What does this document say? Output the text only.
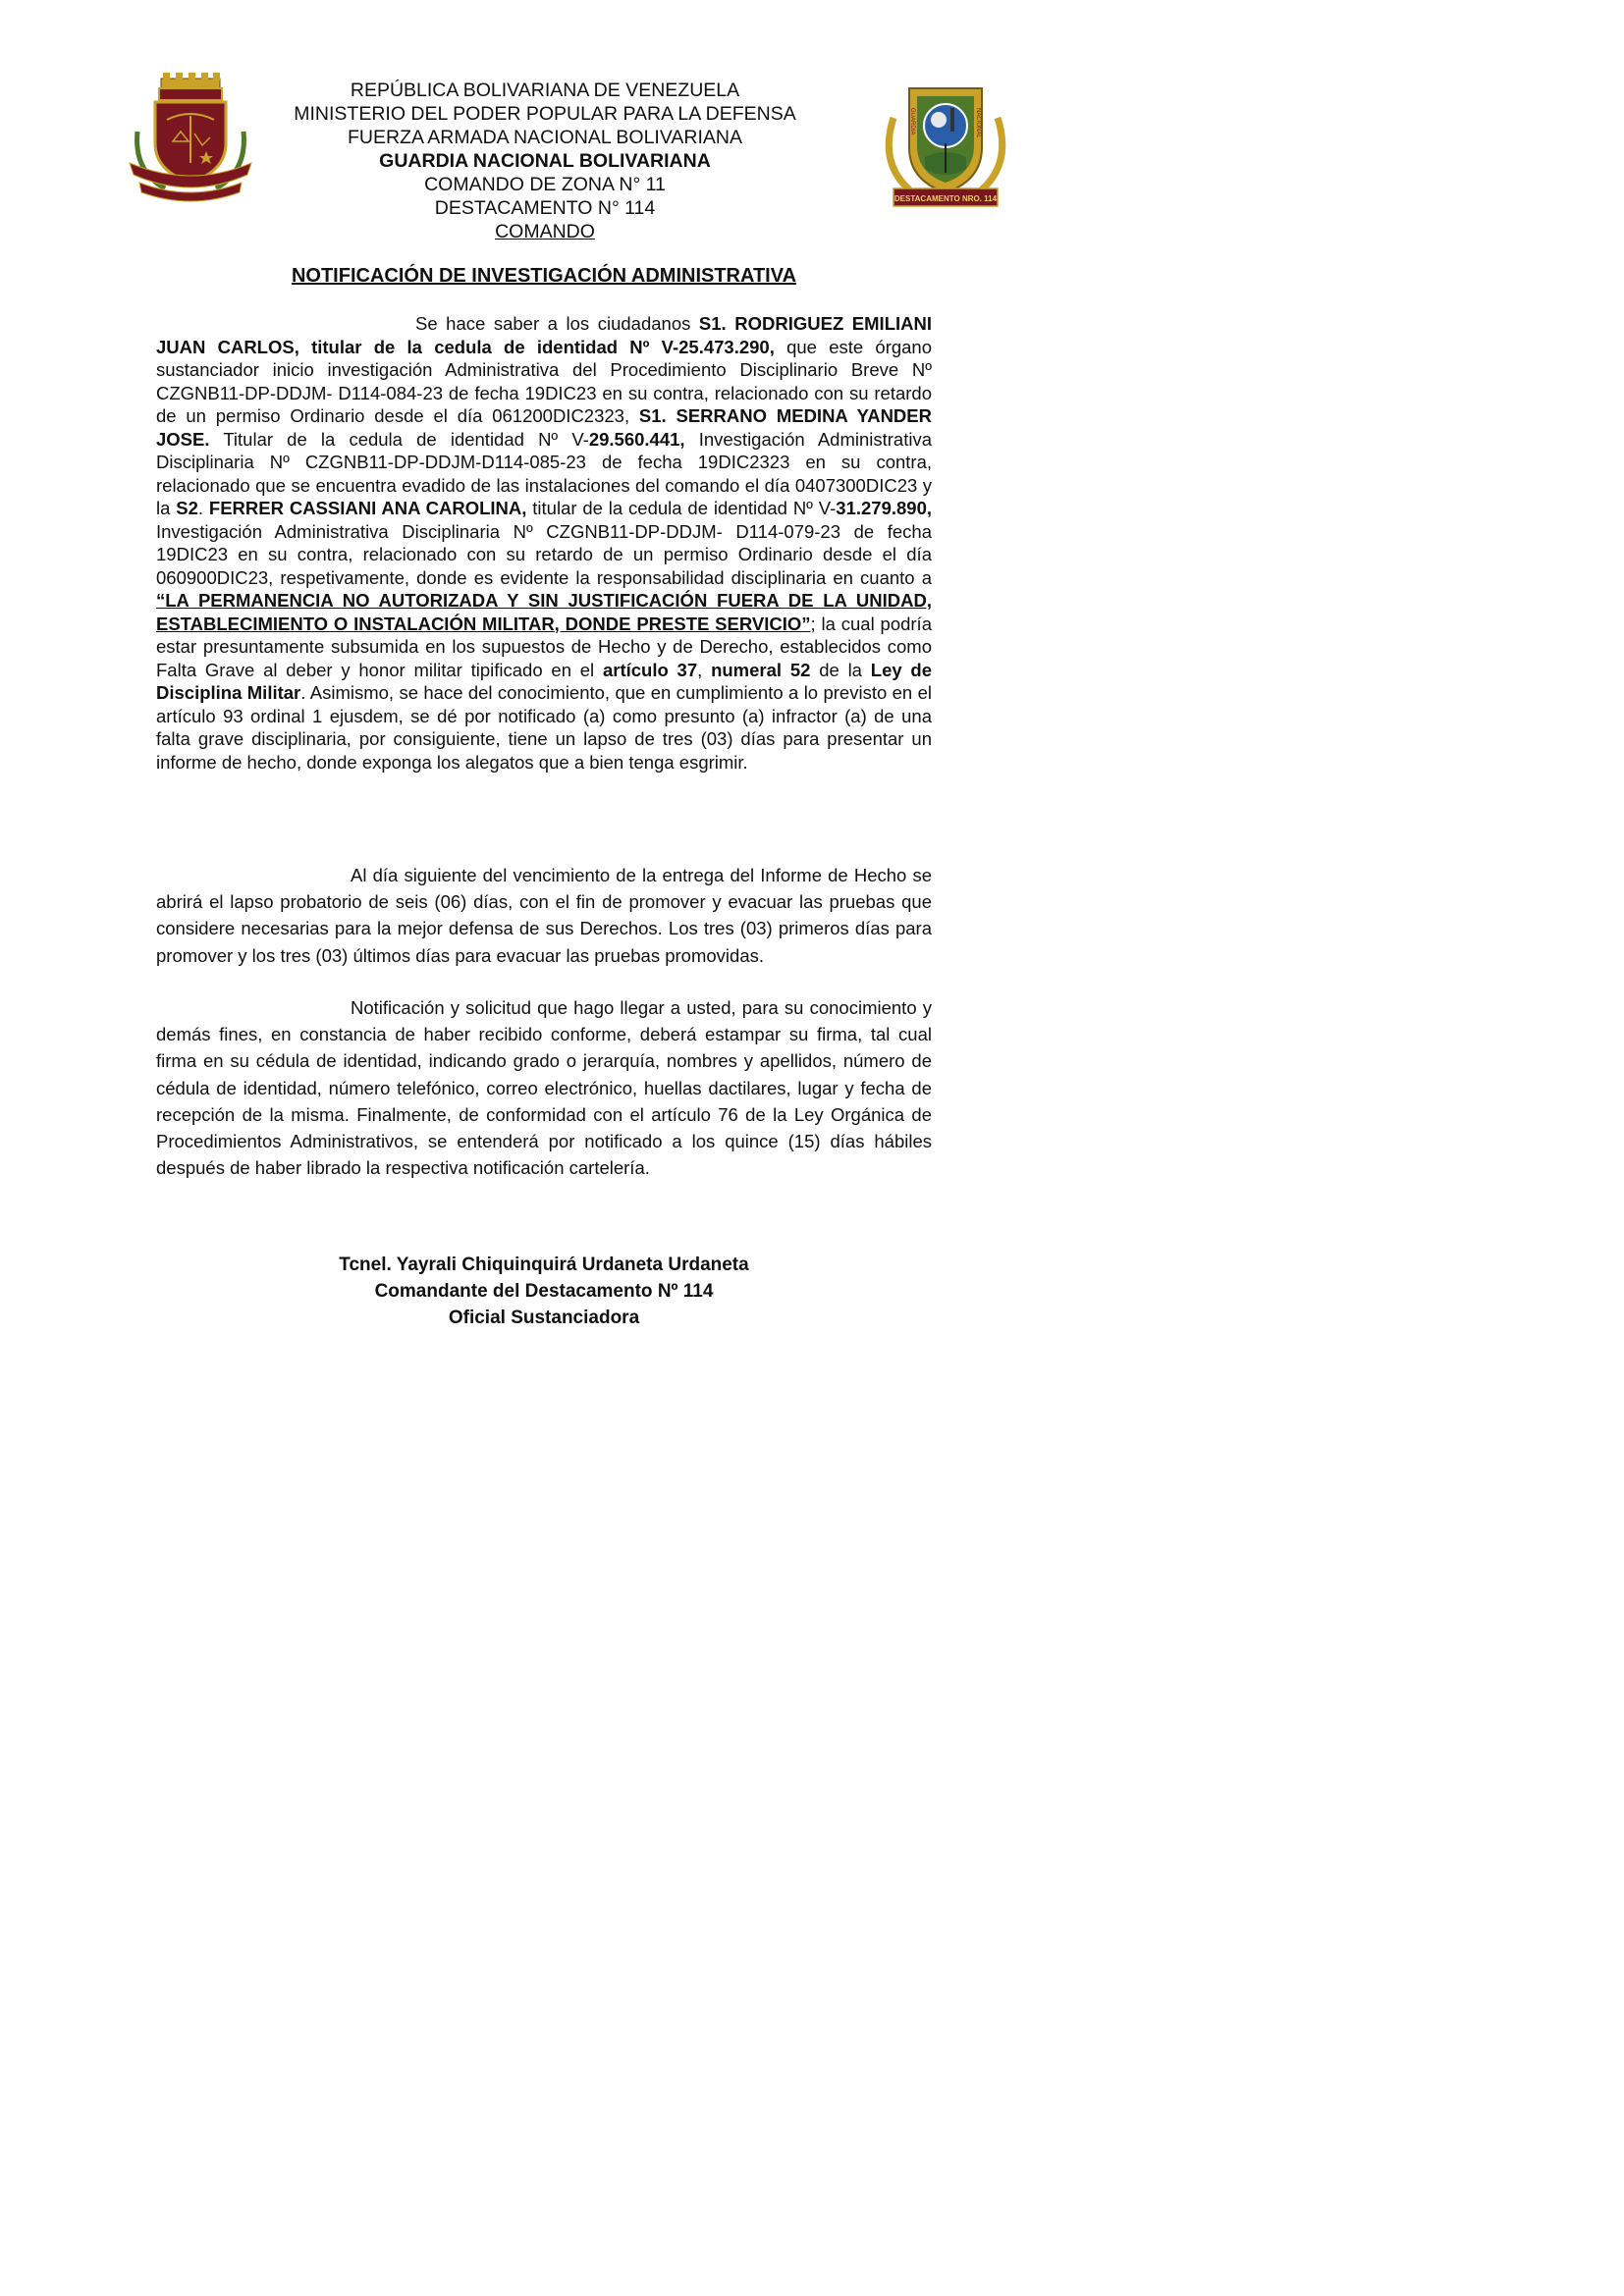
REPÚBLICA BOLIVARIANA DE VENEZUELA
MINISTERIO DEL PODER POPULAR PARA LA DEFENSA
FUERZA ARMADA NACIONAL BOLIVARIANA
GUARDIA NACIONAL BOLIVARIANA
COMANDO DE ZONA N° 11
DESTACAMENTO N° 114
COMANDO
GUARDIA	NACIONAL
DESTACAMENTO NRO. 114
NOTIFICACIÓN DE INVESTIGACIÓN ADMINISTRATIVA
Se hace saber a los ciudadanos S1. RODRIGUEZ EMILIANI JUAN CARLOS, titular de la cedula de identidad Nº V-25.473.290, que este órgano sustanciador inicio investigación Administrativa del Procedimiento Disciplinario Breve Nº CZGNB11-DP-DDJM- D114-084-23 de fecha 19DIC23 en su contra, relacionado con su retardo de un permiso Ordinario desde el día 061200DIC2323, S1. SERRANO MEDINA YANDER JOSE. Titular de la cedula de identidad Nº V-29.560.441, Investigación Administrativa Disciplinaria Nº CZGNB11-DP-DDJM-D114-085-23 de fecha 19DIC2323 en su contra, relacionado que se encuentra evadido de las instalaciones del comando el día 0407300DIC23 y la S2. FERRER CASSIANI ANA CAROLINA, titular de la cedula de identidad Nº V-31.279.890, Investigación Administrativa Disciplinaria Nº CZGNB11-DP-DDJM- D114-079-23 de fecha 19DIC23 en su contra, relacionado con su retardo de un permiso Ordinario desde el día 060900DIC23, respetivamente, donde es evidente la responsabilidad disciplinaria en cuanto a “LA PERMANENCIA NO AUTORIZADA Y SIN JUSTIFICACIÓN FUERA DE LA UNIDAD, ESTABLECIMIENTO O INSTALACIÓN MILITAR, DONDE PRESTE SERVICIO”; la cual podría estar presuntamente subsumida en los supuestos de Hecho y de Derecho, establecidos como Falta Grave al deber y honor militar tipificado en el artículo 37, numeral 52 de la Ley de Disciplina Militar. Asimismo, se hace del conocimiento, que en cumplimiento a lo previsto en el artículo 93 ordinal 1 ejusdem, se dé por notificado (a) como presunto (a) infractor (a) de una falta grave disciplinaria, por consiguiente, tiene un lapso de tres (03) días para presentar un informe de hecho, donde exponga los alegatos que a bien tenga esgrimir.
Al día siguiente del vencimiento de la entrega del Informe de Hecho se abrirá el lapso probatorio de seis (06) días, con el fin de promover y evacuar las pruebas que considere necesarias para la mejor defensa de sus Derechos. Los tres (03) primeros días para promover y los tres (03) últimos días para evacuar las pruebas promovidas.
Notificación y solicitud que hago llegar a usted, para su conocimiento y demás fines, en constancia de haber recibido conforme, deberá estampar su firma, tal cual firma en su cédula de identidad, indicando grado o jerarquía, nombres y apellidos, número de cédula de identidad, número telefónico, correo electrónico, huellas dactilares, lugar y fecha de recepción de la misma. Finalmente, de conformidad con el artículo 76 de la Ley Orgánica de Procedimientos Administrativos, se entenderá por notificado a los quince (15) días hábiles después de haber librado la respectiva notificación cartelería.
Tcnel. Yayrali Chiquinquirá Urdaneta Urdaneta
Comandante del Destacamento Nº 114
Oficial Sustanciadora
